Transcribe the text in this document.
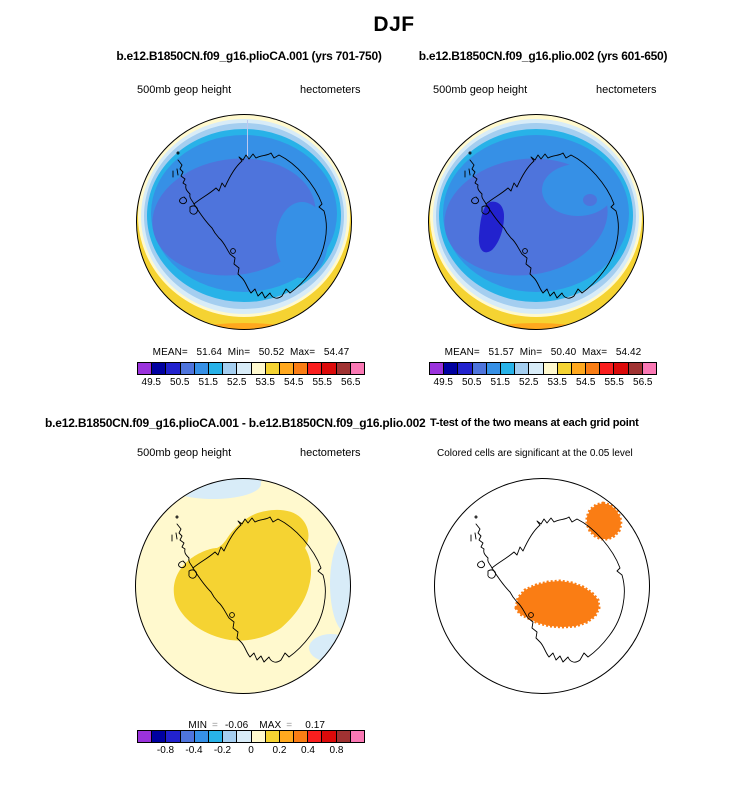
DJF
b.e12.B1850CN.f09_g16.plioCA.001 (yrs 701-750)	b.e12.B1850CN.f09_g16.plio.002 (yrs 601-650)
500mb geop height	hectometers	500mb geop height	hectometers
MEAN=   51.64  Min=   50.52  Max=   54.47	MEAN=   51.57  Min=   50.40  Max=   54.42
49.5 50.5 51.5 52.5 53.5 54.5 55.5 56.5	49.5 50.5 51.5 52.5 53.5 54.5 55.5 56.5
b.e12.B1850CN.f09_g16.plioCA.001 - b.e12.B1850CN.f09_g16.plio.002 T-test of the two means at each grid point
500mb geop height	hectometers	Colored cells are significant at the 0.05 level

MIN = -0.06 MAX = 0.17

-0.8 -0.4 -0.2 0 0.2 0.4 0.8
